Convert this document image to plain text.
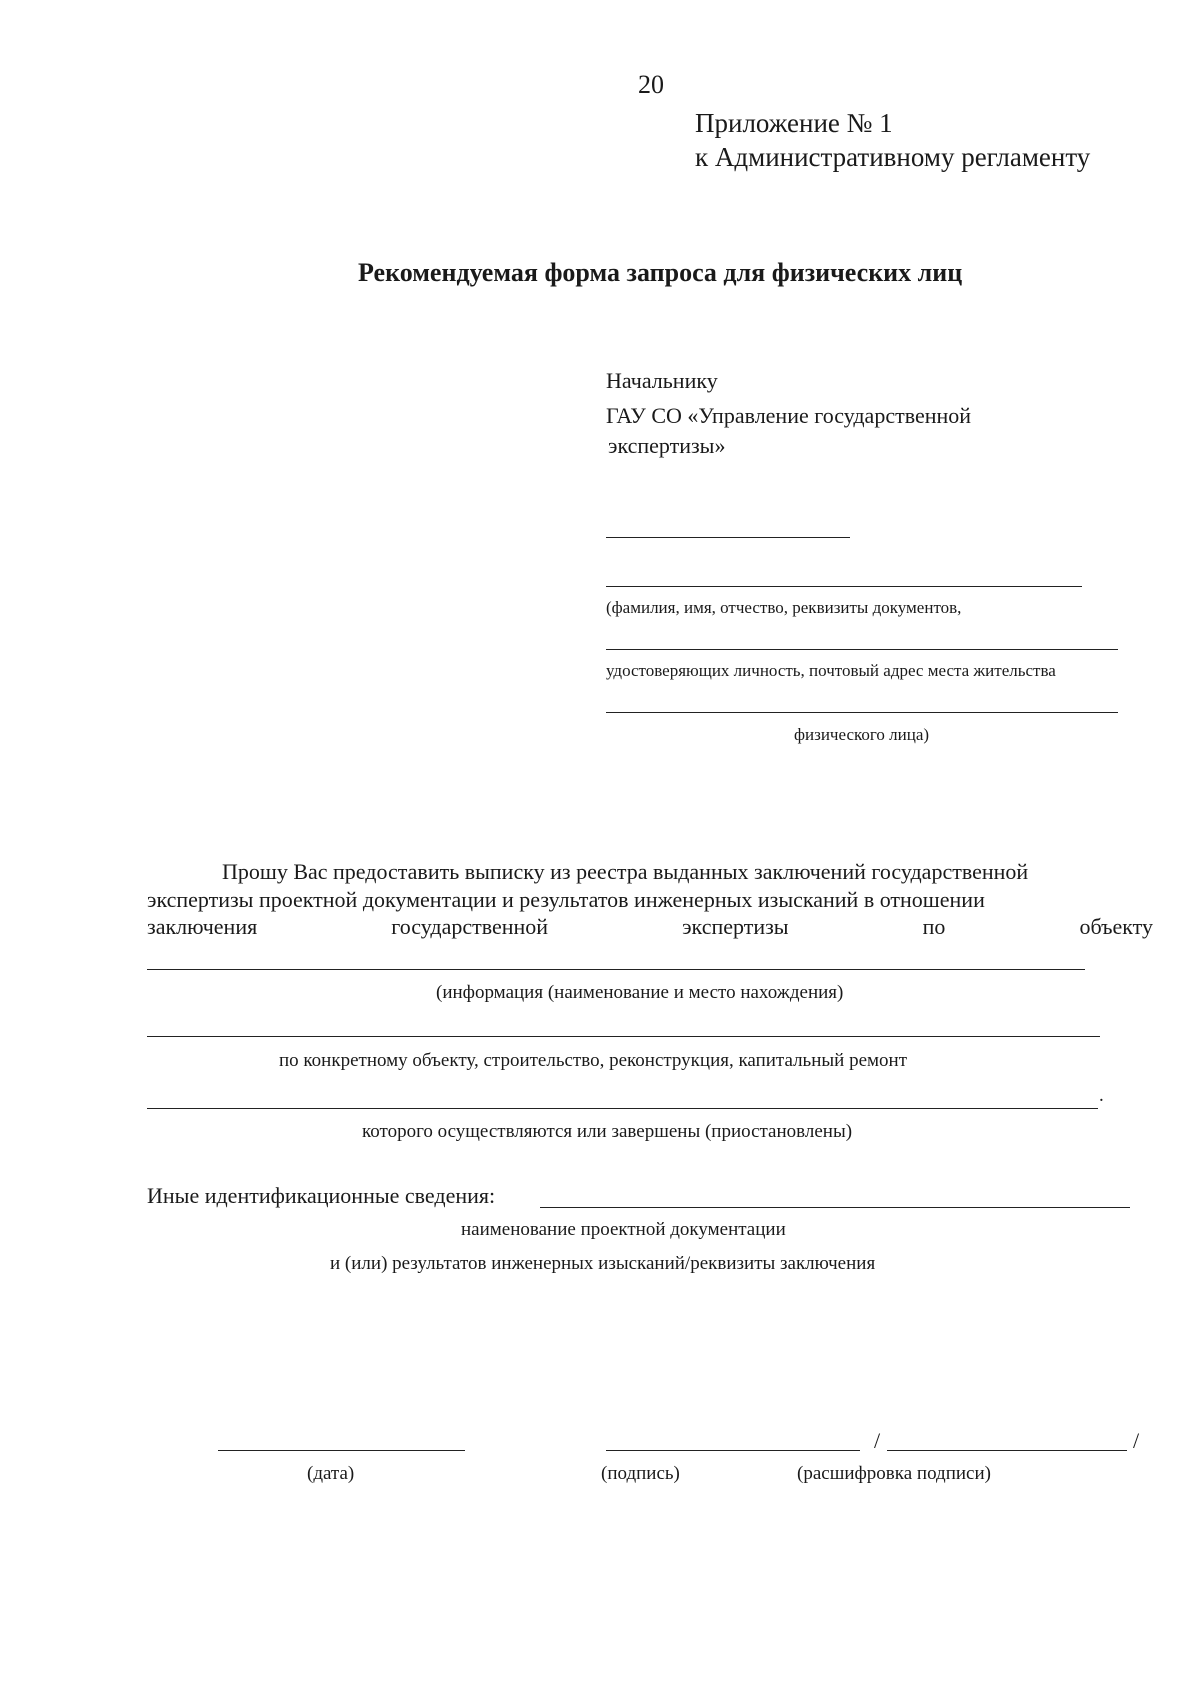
20
Приложение № 1
к Административному регламенту
Рекомендуемая форма запроса для физических лиц
Начальнику
ГАУ СО «Управление государственной
экспертизы»
(фамилия, имя, отчество, реквизиты документов,
удостоверяющих личность, почтовый адрес места жительства
физического лица)
Прошу Вас предоставить выписку из реестра выданных заключений государственной
экспертизы проектной документации и результатов инженерных изысканий в отношении
заключения	государственной	экспертизы	по	объекту
(информация (наименование и место нахождения)
по конкретному объекту, строительство, реконструкция, капитальный ремонт
.
которого осуществляются или завершены (приостановлены)
Иные идентификационные сведения:
наименование проектной документации
и (или) результатов инженерных изысканий/реквизиты заключения
/	/
(дата)	(подпись)	(расшифровка подписи)
